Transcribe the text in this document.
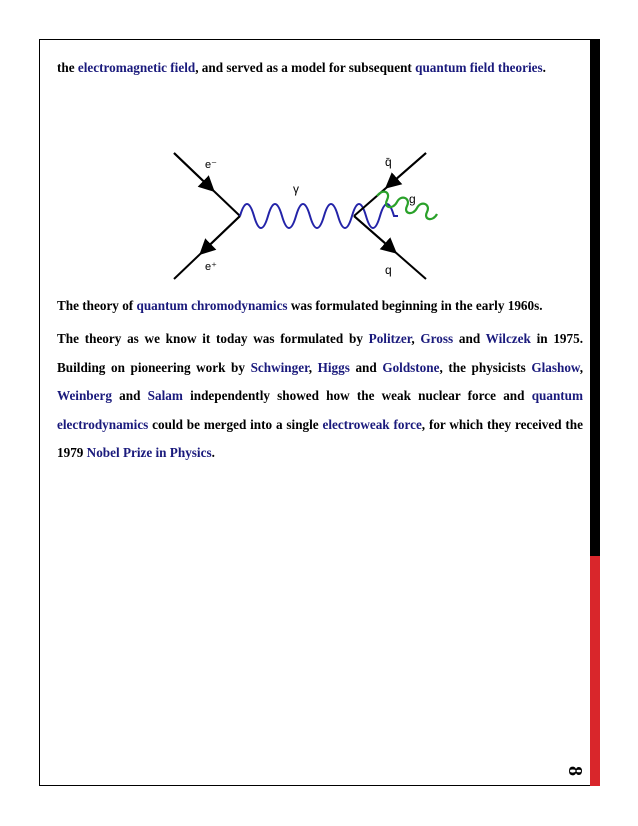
the electromagnetic field, and served as a model for subsequent quantum field theories.

e⁻
e⁺
γ
q̄
g
q

The theory of quantum chromodynamics was formulated beginning in the early 1960s.

The theory as we know it today was formulated by Politzer, Gross and Wilczek in 1975. Building on pioneering work by Schwinger, Higgs and Goldstone, the physicists Glashow, Weinberg and Salam independently showed how the weak nuclear force and quantum electrodynamics could be merged into a single electroweak force, for which they received the 1979 Nobel Prize in Physics.

8
